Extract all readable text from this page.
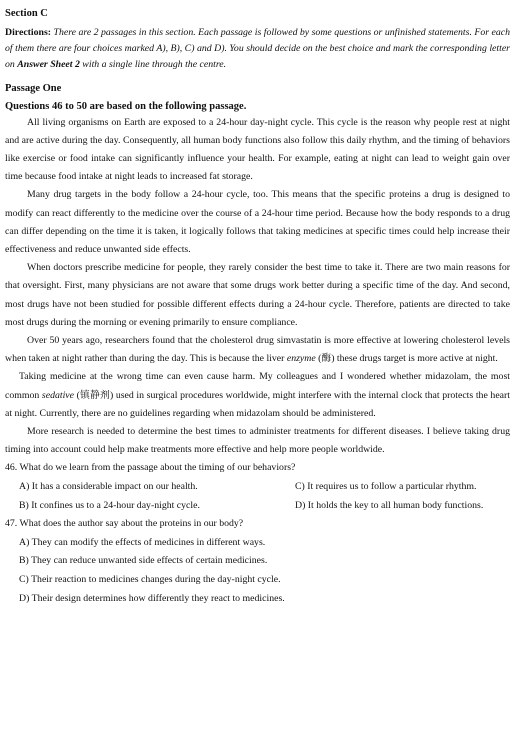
Section C

Directions: There are 2 passages in this section. Each passage is followed by some questions or unfinished statements. For each of them there are four choices marked A), B), C) and D). You should decide on the best choice and mark the corresponding letter on Answer Sheet 2 with a single line through the centre.

Passage One

Questions 46 to 50 are based on the following passage.

All living organisms on Earth are exposed to a 24-hour day-night cycle. This cycle is the reason why people rest at night and are active during the day. Consequently, all human body functions also follow this daily rhythm, and the timing of behaviors like exercise or food intake can significantly influence your health. For example, eating at night can lead to weight gain over time because food intake at night leads to increased fat storage.

Many drug targets in the body follow a 24-hour cycle, too. This means that the specific proteins a drug is designed to modify can react differently to the medicine over the course of a 24-hour time period. Because how the body responds to a drug can differ depending on the time it is taken, it logically follows that taking medicines at specific times could help increase their effectiveness and reduce unwanted side effects.

When doctors prescribe medicine for people, they rarely consider the best time to take it. There are two main reasons for that oversight. First, many physicians are not aware that some drugs work better during a specific time of the day. And second, most drugs have not been studied for possible different effects during a 24-hour cycle. Therefore, patients are directed to take most drugs during the morning or evening primarily to ensure compliance.

Over 50 years ago, researchers found that the cholesterol drug simvastatin is more effective at lowering cholesterol levels when taken at night rather than during the day. This is because the liver enzyme (酶) these drugs target is more active at night.

Taking medicine at the wrong time can even cause harm. My colleagues and I wondered whether midazolam, the most common sedative (镇静剂) used in surgical procedures worldwide, might interfere with the internal clock that protects the heart at night. Currently, there are no guidelines regarding when midazolam should be administered.

More research is needed to determine the best times to administer treatments for different diseases. I believe taking drug timing into account could help make treatments more effective and help more people worldwide.

46. What do we learn from the passage about the timing of our behaviors?

A) It has a considerable impact on our health.	C) It requires us to follow a particular rhythm.
B) It confines us to a 24-hour day-night cycle.	D) It holds the key to all human body functions.

47. What does the author say about the proteins in our body?

A) They can modify the effects of medicines in different ways.
B) They can reduce unwanted side effects of certain medicines.
C) Their reaction to medicines changes during the day-night cycle.
D) Their design determines how differently they react to medicines.
